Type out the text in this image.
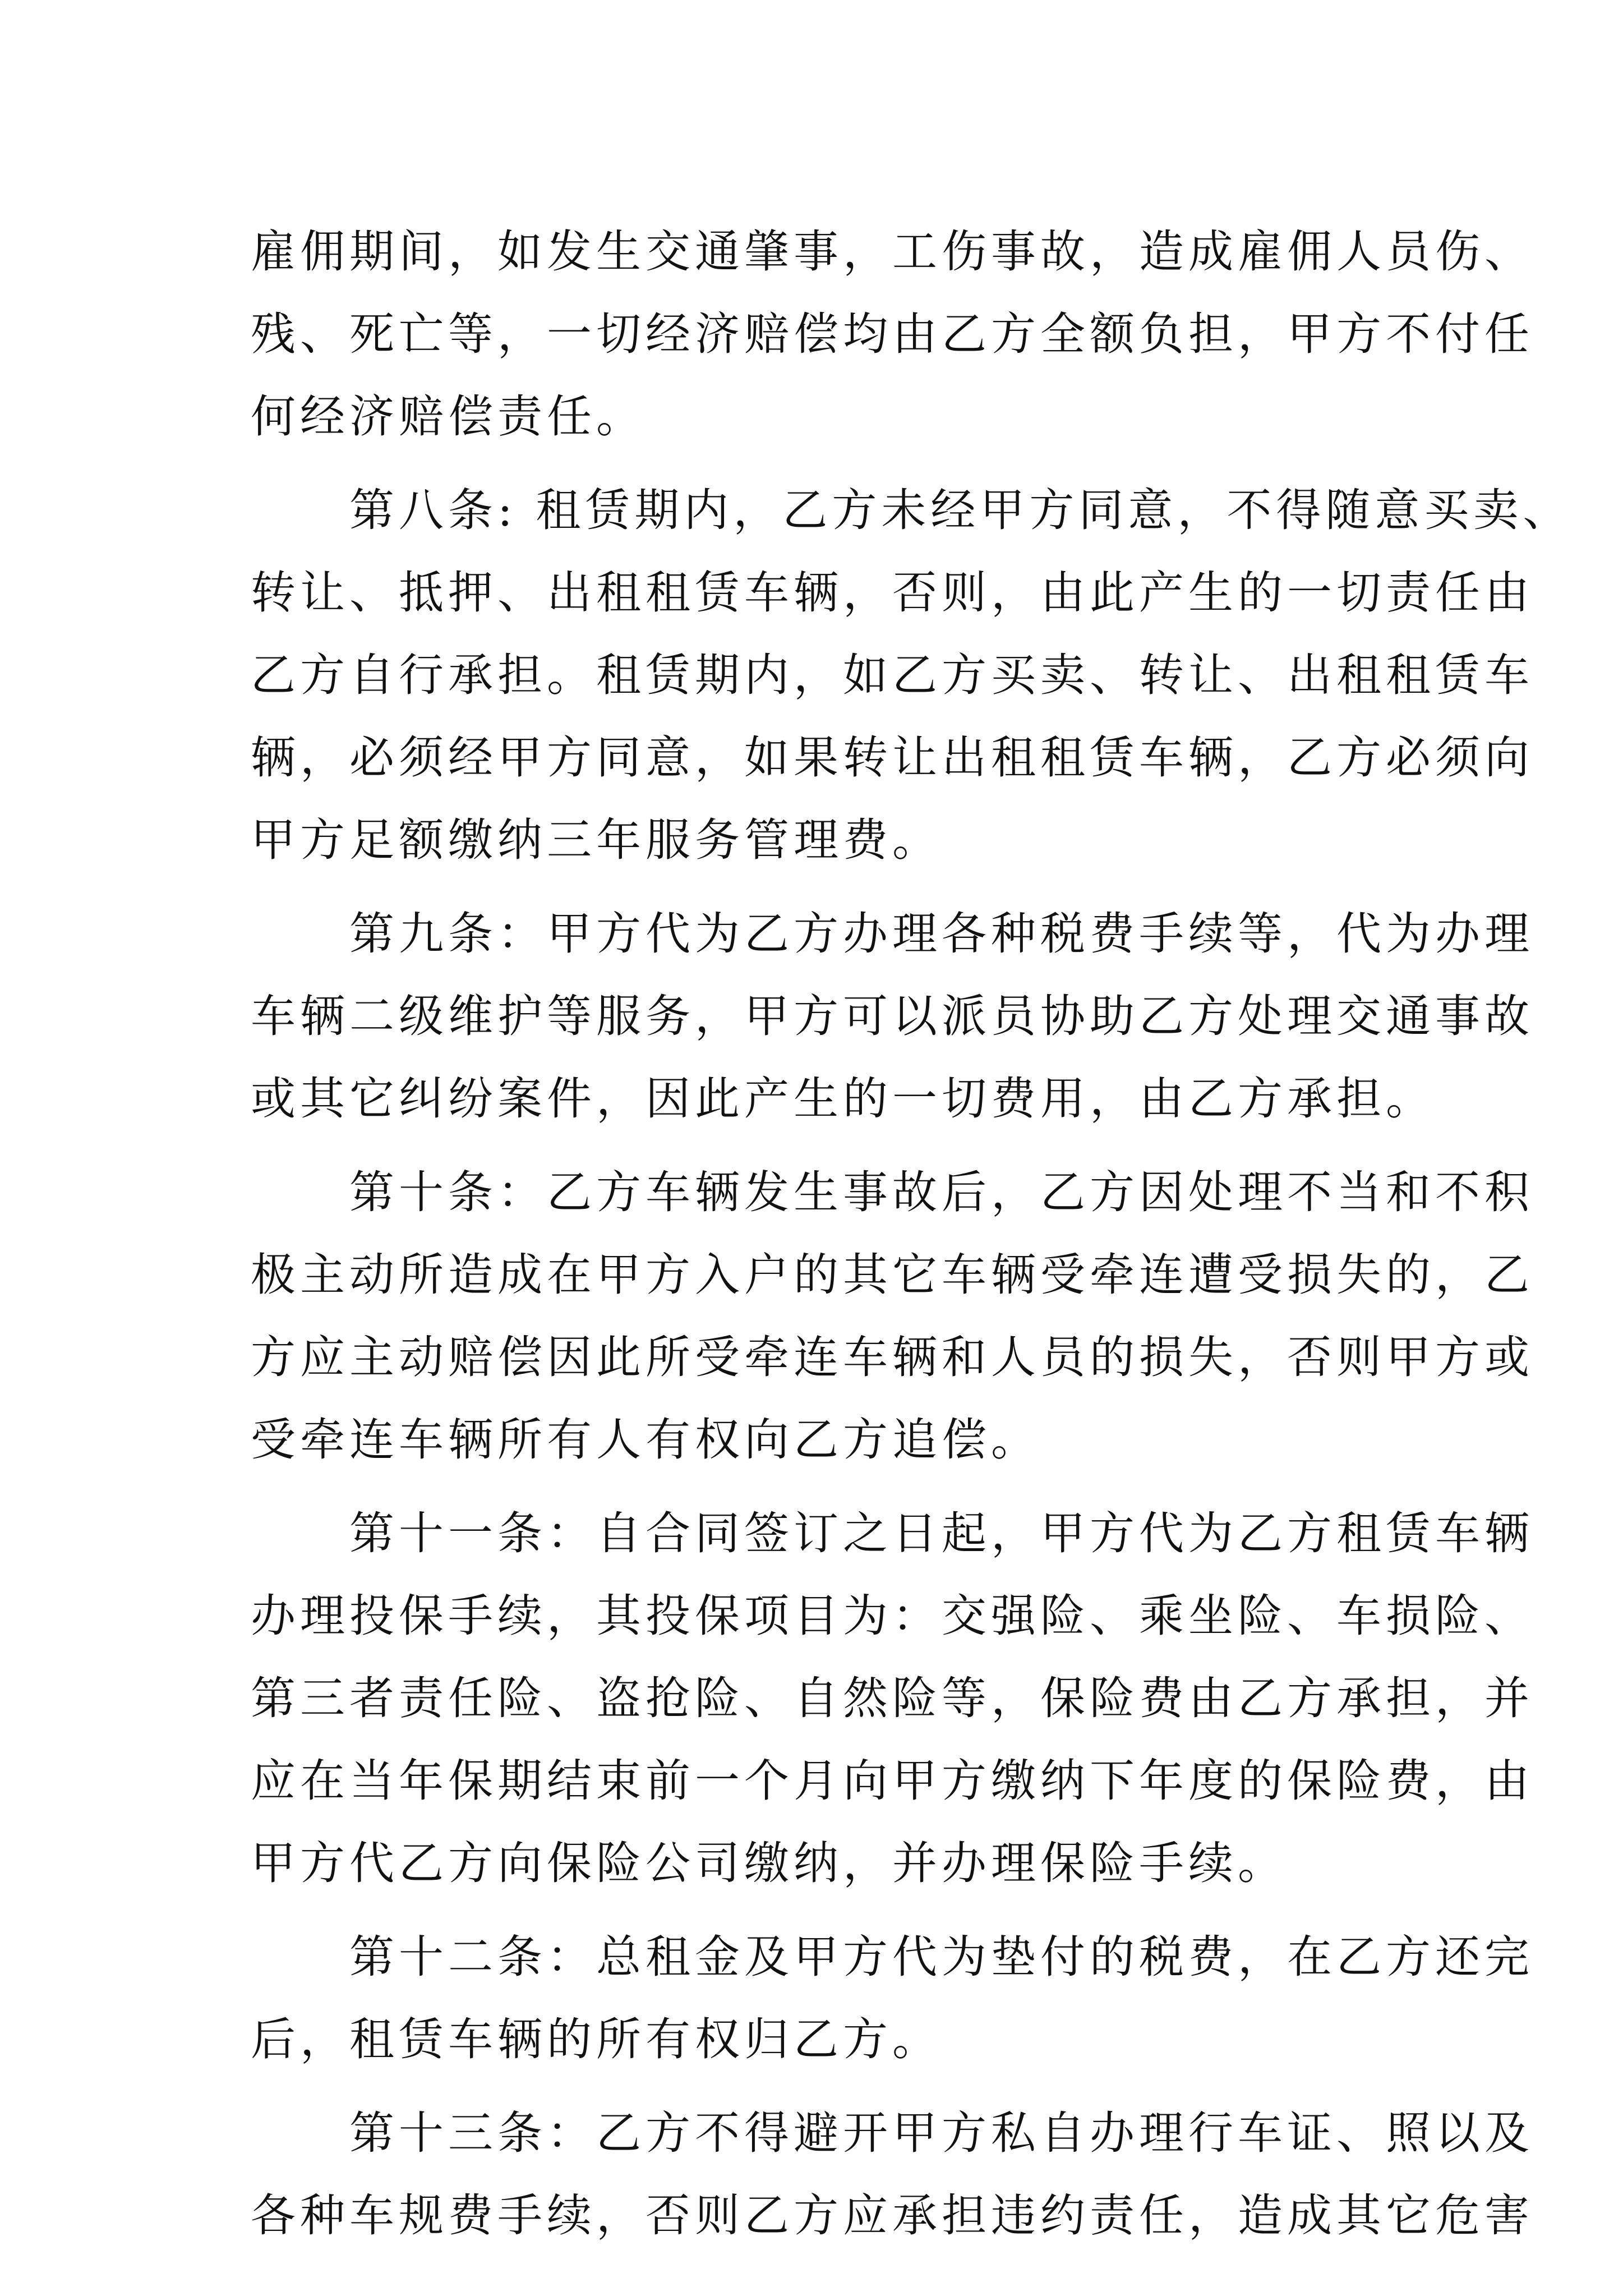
雇佣期间，如发生交通肇事，工伤事故，造成雇佣人员伤、
残、死亡等，一切经济赔偿均由乙方全额负担，甲方不付任
何经济赔偿责任。
　　第八条: 租赁期内，乙方未经甲方同意，不得随意买卖、
转让、抵押、出租租赁车辆，否则，由此产生的一切责任由
乙方自行承担。租赁期内，如乙方买卖、转让、出租租赁车
辆，必须经甲方同意，如果转让出租租赁车辆，乙方必须向
甲方足额缴纳三年服务管理费。
　　第九条：甲方代为乙方办理各种税费手续等，代为办理
车辆二级维护等服务，甲方可以派员协助乙方处理交通事故
或其它纠纷案件，因此产生的一切费用，由乙方承担。
　　第十条：乙方车辆发生事故后，乙方因处理不当和不积
极主动所造成在甲方入户的其它车辆受牵连遭受损失的，乙
方应主动赔偿因此所受牵连车辆和人员的损失，否则甲方或
受牵连车辆所有人有权向乙方追偿。
　　第十一条：自合同签订之日起，甲方代为乙方租赁车辆
办理投保手续，其投保项目为：交强险、乘坐险、车损险、
第三者责任险、盗抢险、自然险等，保险费由乙方承担，并
应在当年保期结束前一个月向甲方缴纳下年度的保险费，由
甲方代乙方向保险公司缴纳，并办理保险手续。
　　第十二条：总租金及甲方代为垫付的税费，在乙方还完
后，租赁车辆的所有权归乙方。
　　第十三条：乙方不得避开甲方私自办理行车证、照以及
各种车规费手续，否则乙方应承担违约责任，造成其它危害
